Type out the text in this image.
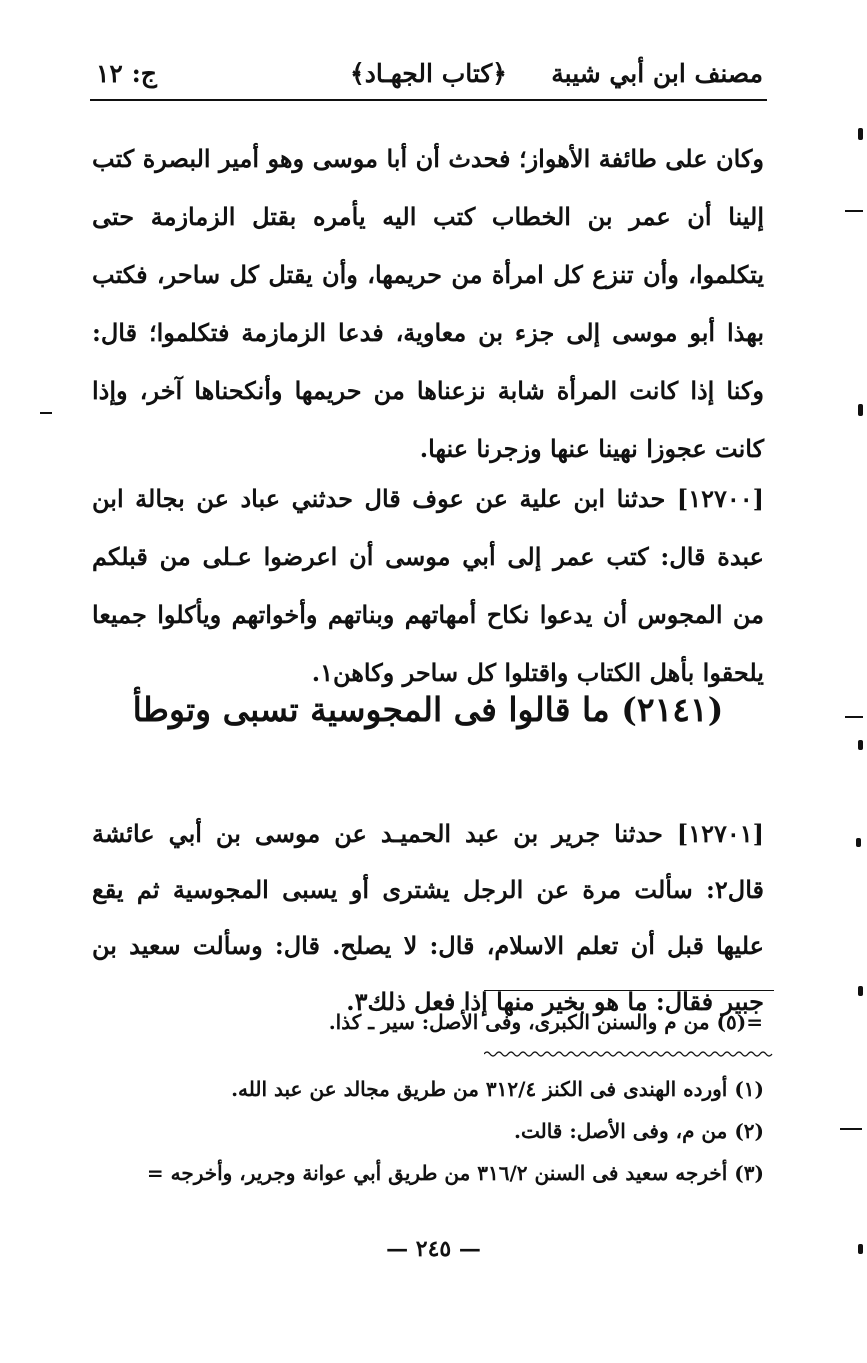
مصنف ابن أبي شيبة
﴿كتاب الجهـاد﴾
ج: ١٢
وكان على طائفة الأهواز؛ فحدث أن أبا موسى وهو أمير البصرة كتب إلينا أن عمر بن الخطاب كتب اليه يأمره بقتل الزمازمة حتى يتكلموا، وأن تنزع كل امرأة من حريمها، وأن يقتل كل ساحر، فكتب بهذا أبو موسى إلى جزء بن معاوية، فدعا الزمازمة فتكلموا؛ قال: وكنا إذا كانت المرأة شابة نزعناها من حريمها وأنكحناها آخر، وإذا كانت عجوزا نهينا عنها وزجرنا عنها.
[١٢٧٠٠] حدثنا ابن علية عن عوف قال حدثني عباد عن بجالة ابن عبدة قال: كتب عمر إلى أبي موسى أن اعرضوا عـلى من قبلكم من المجوس أن يدعوا نكاح أمهاتهم وبناتهم وأخواتهم ويأكلوا جميعا يلحقوا بأهل الكتاب واقتلوا كل ساحر وكاهن١.
(٢١٤١) ما قالوا فى المجوسية تسبى وتوطأ
[١٢٧٠١] حدثنا جرير بن عبد الحميـد عن موسى بن أبي عائشة قال٢: سألت مرة عن الرجل يشترى أو يسبى المجوسية ثم يقع عليها قبل أن تعلم الاسلام، قال: لا يصلح. قال: وسألت سعيد بن جبير فقال: ما هو بخير منها إذا فعل ذلك٣.
=(٥) من م والسنن الكبرى، وفى الأصل: سير ـ كذا.
(١) أورده الهندى فى الكنز ٣١٢/٤ من طريق مجالد عن عبد الله.
(٢) من م، وفى الأصل: قالت.
(٣) أخرجه سعيد فى السنن ٣١٦/٢ من طريق أبي عوانة وجرير، وأخرجه =
— ٢٤٥ —
